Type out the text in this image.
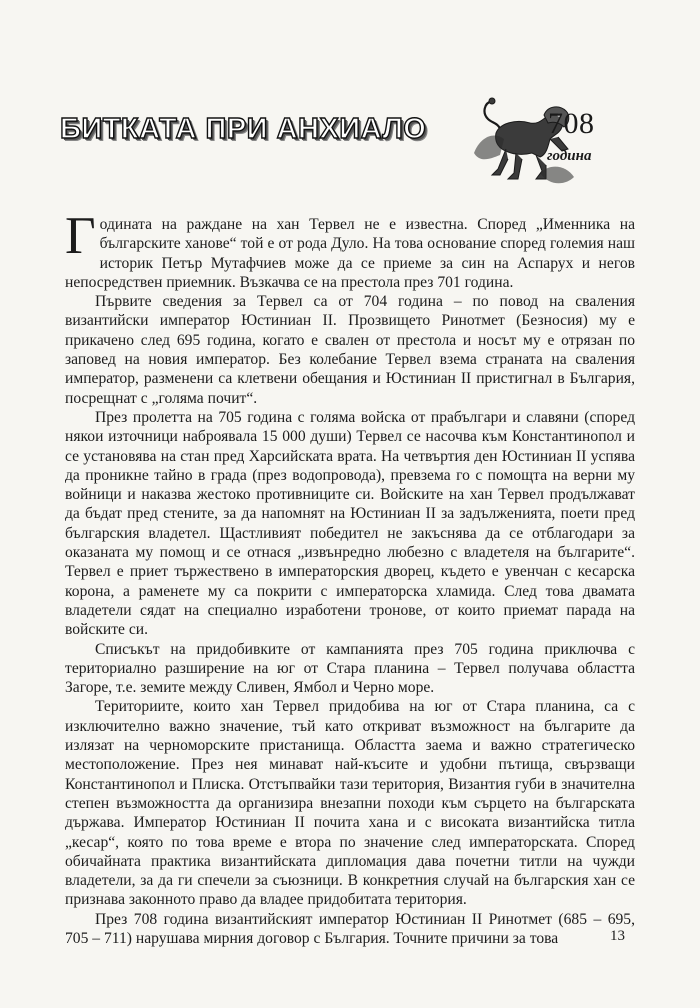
БИТКАТА ПРИ АНХИАЛО	708
година

Годината на раждане на хан Тервел не е известна. Според „Именника на българските ханове“ той е от рода Дуло. На това основание според големия наш историк Петър Мутафчиев може да се приеме за син на Аспарух и негов непосредствен приемник. Възкачва се на престола през 701 година.

Първите сведения за Тервел са от 704 година – по повод на сваления византийски император Юстиниан II. Прозвището Ринотмет (Безносия) му е прикачено след 695 година, когато е свален от престола и носът му е отрязан по заповед на новия император. Без колебание Тервел взема страната на сваления император, разменени са клетвени обещания и Юстиниан II пристигнал в България, посрещнат с „голяма почит“.

През пролетта на 705 година с голяма войска от прабългари и славяни (според някои източници наброявала 15 000 души) Тервел се насочва към Константинопол и се установява на стан пред Харсийската врата. На четвъртия ден Юстиниан II успява да проникне тайно в града (през водопровода), превзема го с помощта на верни му войници и наказва жестоко противниците си. Войските на хан Тервел продължават да бъдат пред стените, за да напомнят на Юстиниан II за задълженията, поети пред българския владетел. Щастливият победител не закъснява да се отблагодари за оказаната му помощ и се отнася „извънредно любезно с владетеля на българите“. Тервел е приет тържествено в императорския дворец, където е увенчан с кесарска корона, а раменете му са покрити с императорска хламида. След това двамата владетели сядат на специално изработени тронове, от които приемат парада на войските си.

Списъкът на придобивките от кампанията през 705 година приключва с териториално разширение на юг от Стара планина – Тервел получава областта Загоре, т.е. земите между Сливен, Ямбол и Черно море.

Териториите, които хан Тервел придобива на юг от Стара планина, са с изключително важно значение, тъй като откриват възможност на българите да излязат на черноморските пристанища. Областта заема и важно стратегическо местоположение. През нея минават най-късите и удобни пътища, свързващи Константинопол и Плиска. Отстъпвайки тази територия, Византия губи в значителна степен възможността да организира внезапни походи към сърцето на българската държава. Император Юстиниан II почита хана и с високата византийска титла „кесар“, която по това време е втора по значение след императорската. Според обичайната практика византийската дипломация дава почетни титли на чужди владетели, за да ги спечели за съюзници. В конкретния случай на българския хан се признава законното право да владее придобитата територия.

През 708 година византийският император Юстиниан II Ринотмет (685 – 695, 705 – 711) нарушава мирния договор с България. Точните причини за това	13
